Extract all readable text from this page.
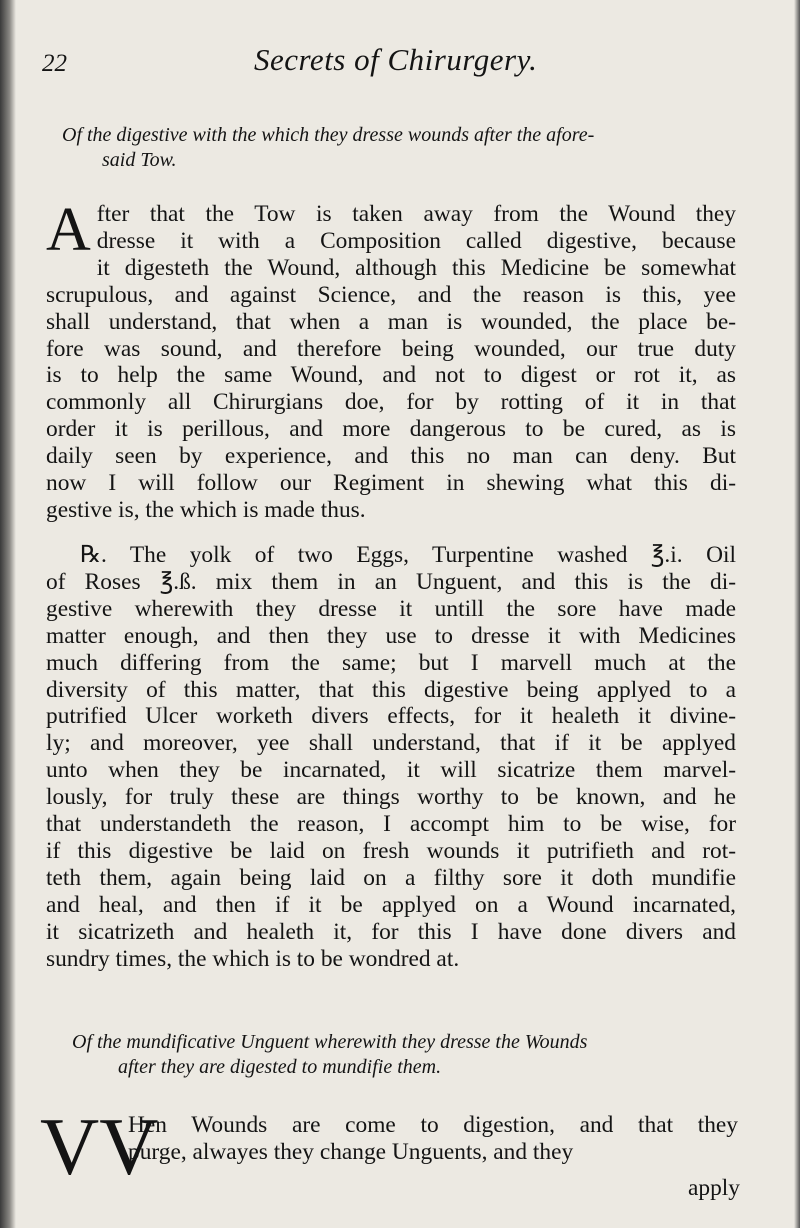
22	Secrets of Chirurgery.
Of the digestive with the which they dresse wounds after the afore-
said Tow.
A fter that the Tow is taken away from the Wound they
dresse it with a Composition called digestive, because
it digesteth the Wound, although this Medicine be somewhat
scrupulous, and against Science, and the reason is this, yee
shall understand, that when a man is wounded, the place be-
fore was sound, and therefore being wounded, our true duty
is to help the same Wound, and not to digest or rot it, as
commonly all Chirurgians doe, for by rotting of it in that
order it is perillous, and more dangerous to be cured, as is
daily seen by experience, and this no man can deny. But
now I will follow our Regiment in shewing what this di-
gestive is, the which is made thus.
℞. The yolk of two Eggs, Turpentine washed ℥.i. Oil
of Roses ℥.ß. mix them in an Unguent, and this is the di-
gestive wherewith they dresse it untill the sore have made
matter enough, and then they use to dresse it with Medicines
much differing from the same; but I marvell much at the
diversity of this matter, that this digestive being applyed to a
putrified Ulcer worketh divers effects, for it healeth it divine-
ly; and moreover, yee shall understand, that if it be applyed
unto when they be incarnated, it will sicatrize them marvel-
lously, for truly these are things worthy to be known, and he
that understandeth the reason, I accompt him to be wise, for
if this digestive be laid on fresh wounds it putrifieth and rot-
teth them, again being laid on a filthy sore it doth mundifie
and heal, and then if it be applyed on a Wound incarnated,
it sicatrizeth and healeth it, for this I have done divers and
sundry times, the which is to be wondred at.
Of the mundificative Unguent wherewith they dresse the Wounds
after they are digested to mundifie them.
VV
Hen Wounds are come to digestion, and that they
purge, alwayes they change Unguents, and they
apply
